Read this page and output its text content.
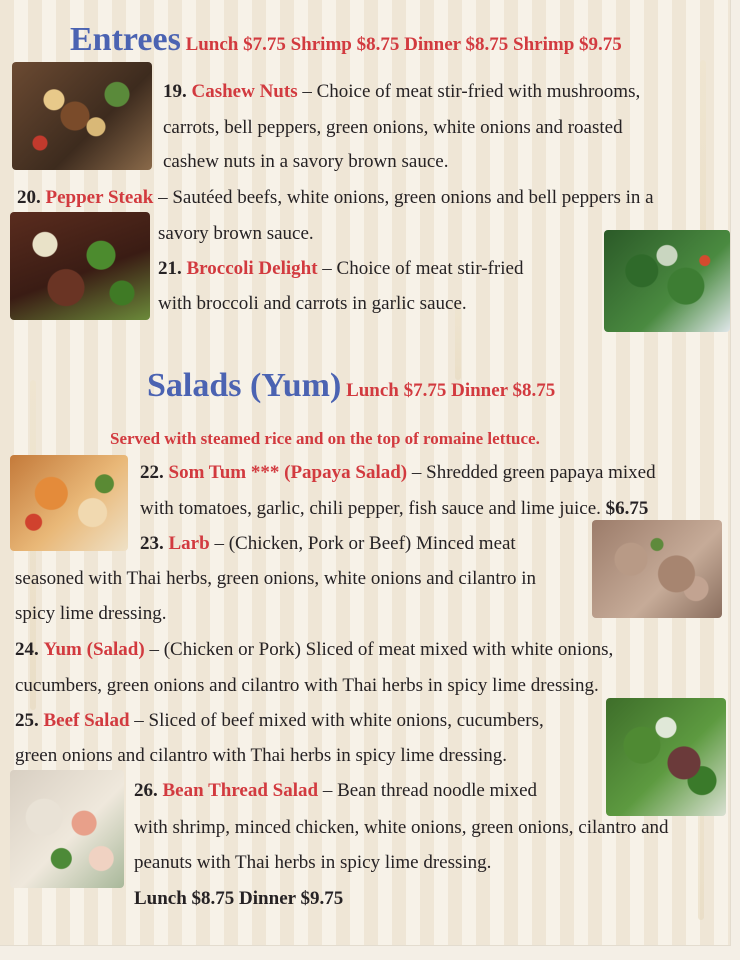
Entrees Lunch $7.75 Shrimp $8.75 Dinner $8.75 Shrimp $9.75
19. Cashew Nuts – Choice of meat stir-fried with mushrooms,
carrots, bell peppers, green onions, white onions and roasted
cashew nuts in a savory brown sauce.
20. Pepper Steak – Sautéed beefs, white onions, green onions and bell peppers in a
savory brown sauce.
21. Broccoli Delight – Choice of meat stir-fried
with broccoli and carrots in garlic sauce.
Salads (Yum) Lunch $7.75 Dinner $8.75
Served with steamed rice and on the top of romaine lettuce.
22. Som Tum *** (Papaya Salad) – Shredded green papaya mixed
with tomatoes, garlic, chili pepper, fish sauce and lime juice. $6.75
23. Larb – (Chicken, Pork or Beef) Minced meat
seasoned with Thai herbs, green onions, white onions and cilantro in
spicy lime dressing.
24. Yum (Salad) – (Chicken or Pork) Sliced of meat mixed with white onions,
cucumbers, green onions and cilantro with Thai herbs in spicy lime dressing.
25. Beef Salad – Sliced of beef mixed with white onions, cucumbers,
green onions and cilantro with Thai herbs in spicy lime dressing.
26. Bean Thread Salad – Bean thread noodle mixed
with shrimp, minced chicken, white onions, green onions, cilantro and
peanuts with Thai herbs in spicy lime dressing.
Lunch $8.75 Dinner $9.75
